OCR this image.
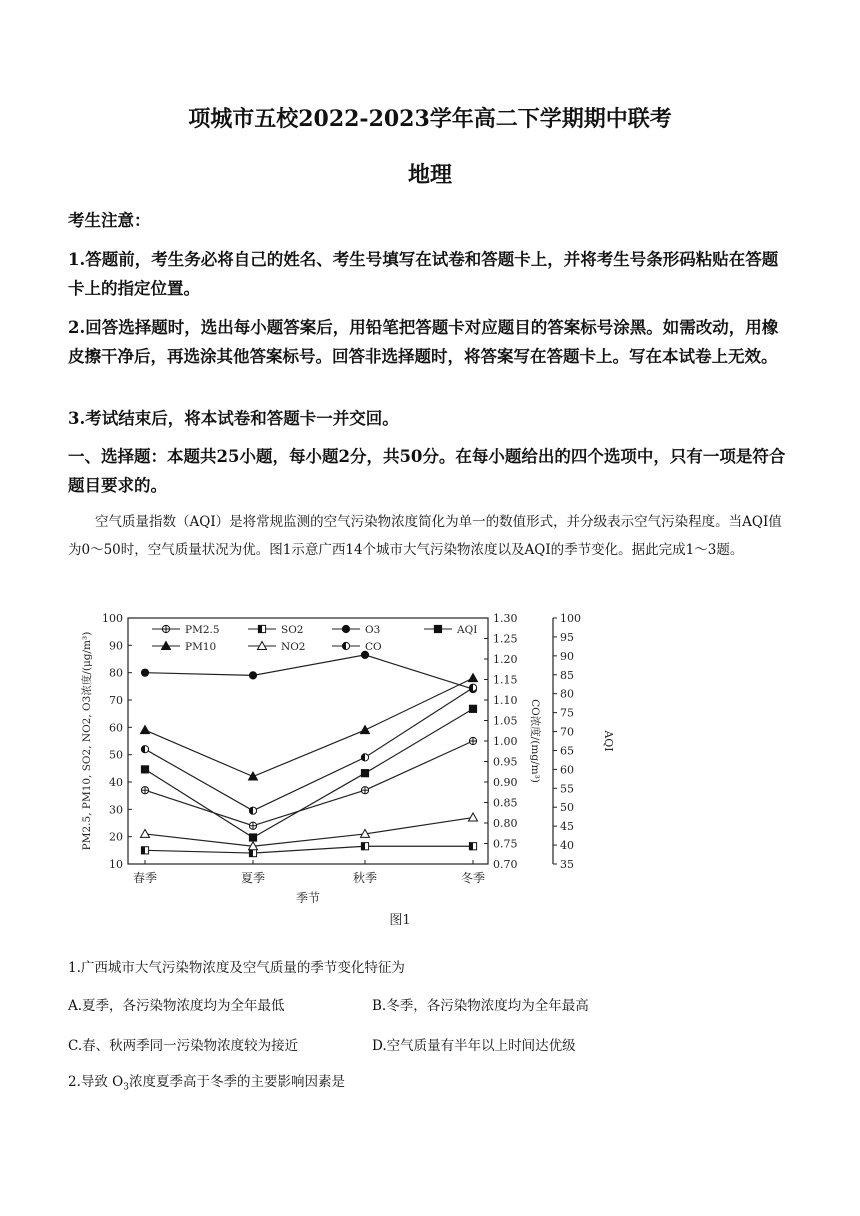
项城市五校2022-2023学年高二下学期期中联考
地理
考生注意：
1.答题前，考生务必将自己的姓名、考生号填写在试卷和答题卡上，并将考生号条形码粘贴在答题卡上的指定位置。
2.回答选择题时，选出每小题答案后，用铅笔把答题卡对应题目的答案标号涂黑。如需改动，用橡皮擦干净后，再选涂其他答案标号。回答非选择题时，将答案写在答题卡上。写在本试卷上无效。
3.考试结束后，将本试卷和答题卡一并交回。
一、选择题：本题共25小题，每小题2分，共50分。在每小题给出的四个选项中，只有一项是符合题目要求的。
空气质量指数（AQI）是将常规监测的空气污染物浓度简化为单一的数值形式，并分级表示空气污染程度。当AQI值为0～50时，空气质量状况为优。图1示意广西14个城市大气污染物浓度以及AQI的季节变化。据此完成1～3题。
10
20
30
40
50
60
70
80
90
100
0.70
0.75
0.80
0.85
0.90
0.95
1.00
1.05
1.10
1.15
1.20
1.25
1.30
35
40
45
50
55
60
65
70
75
80
85
90
95
100
春季	夏季	秋季	冬季
季节
图1
PM2.5, PM10, SO2, NO2, O3浓度/(μg/m³)	CO浓度/(mg/m³)	AQI
PM2.5	SO2	O3	AQI
PM10	NO2	CO
1.广西城市大气污染物浓度及空气质量的季节变化特征为
A.夏季，各污染物浓度均为全年最低	B.冬季，各污染物浓度均为全年最高
C.春、秋两季同一污染物浓度较为接近	D.空气质量有半年以上时间达优级
2.导致 $O_3$浓度夏季高于冬季的主要影响因素是
